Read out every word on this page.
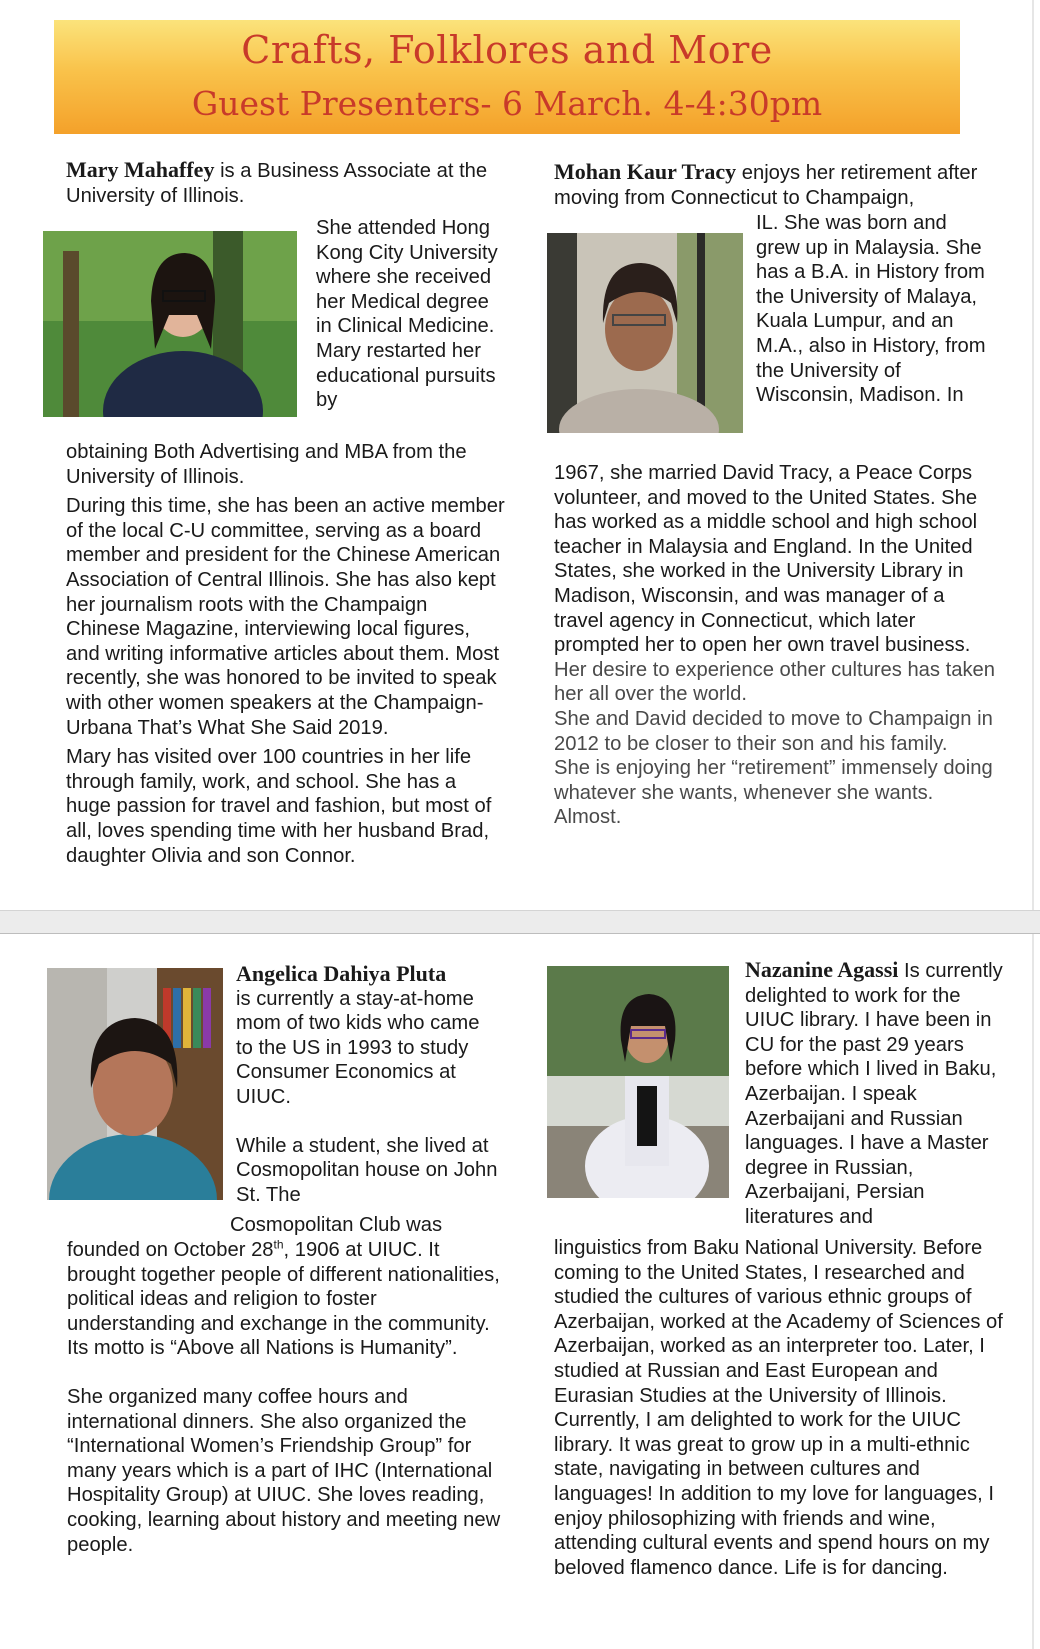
Crafts, Folklores and More
Guest Presenters- 6 March. 4-4:30pm

Mary Mahaffey is a Business Associate at the University of Illinois.

She attended Hong Kong City University where she received her Medical degree in Clinical Medicine. Mary restarted her educational pursuits by

obtaining Both Advertising and MBA from the University of Illinois.

During this time, she has been an active member of the local C-U committee, serving as a board member and president for the Chinese American Association of Central Illinois. She has also kept her journalism roots with the Champaign Chinese Magazine, interviewing local figures, and writing informative articles about them. Most recently, she was honored to be invited to speak with other women speakers at the Champaign-Urbana That’s What She Said 2019.

Mary has visited over 100 countries in her life through family, work, and school. She has a huge passion for travel and fashion, but most of all, loves spending time with her husband Brad, daughter Olivia and son Connor.

Mohan Kaur Tracy enjoys her retirement after moving from Connecticut to Champaign,

IL. She was born and grew up in Malaysia. She has a B.A. in History from the University of Malaya, Kuala Lumpur, and an M.A., also in History, from the University of Wisconsin, Madison. In

1967, she married David Tracy, a Peace Corps volunteer, and moved to the United States. She has worked as a middle school and high school teacher in Malaysia and England. In the United States, she worked in the University Library in Madison, Wisconsin, and was manager of a travel agency in Connecticut, which later prompted her to open her own travel business.

Her desire to experience other cultures has taken her all over the world.

She and David decided to move to Champaign in 2012 to be closer to their son and his family.

She is enjoying her “retirement” immensely doing whatever she wants, whenever she wants. Almost.

Angelica Dahiya Pluta

is currently a stay-at-home mom of two kids who came to the US in 1993 to study Consumer Economics at UIUC.

While a student, she lived at Cosmopolitan house on John St. The

Cosmopolitan Club was

founded on October 28th, 1906 at UIUC. It brought together people of different nationalities, political ideas and religion to foster understanding and exchange in the community. Its motto is “Above all Nations is Humanity”.

She organized many coffee hours and international dinners. She also organized the “International Women’s Friendship Group” for many years which is a part of IHC (International Hospitality Group) at UIUC. She loves reading, cooking, learning about history and meeting new people.

Nazanine Agassi Is currently delighted to work for the UIUC library. I have been in CU for the past 29 years before which I lived in Baku, Azerbaijan. I speak Azerbaijani and Russian languages. I have a Master degree in Russian, Azerbaijani, Persian literatures and

linguistics from Baku National University. Before coming to the United States, I researched and studied the cultures of various ethnic groups of Azerbaijan, worked at the Academy of Sciences of Azerbaijan, worked as an interpreter too. Later, I studied at Russian and East European and Eurasian Studies at the University of Illinois. Currently, I am delighted to work for the UIUC library. It was great to grow up in a multi-ethnic state, navigating in between cultures and languages! In addition to my love for languages, I enjoy philosophizing with friends and wine, attending cultural events and spend hours on my beloved flamenco dance. Life is for dancing.
